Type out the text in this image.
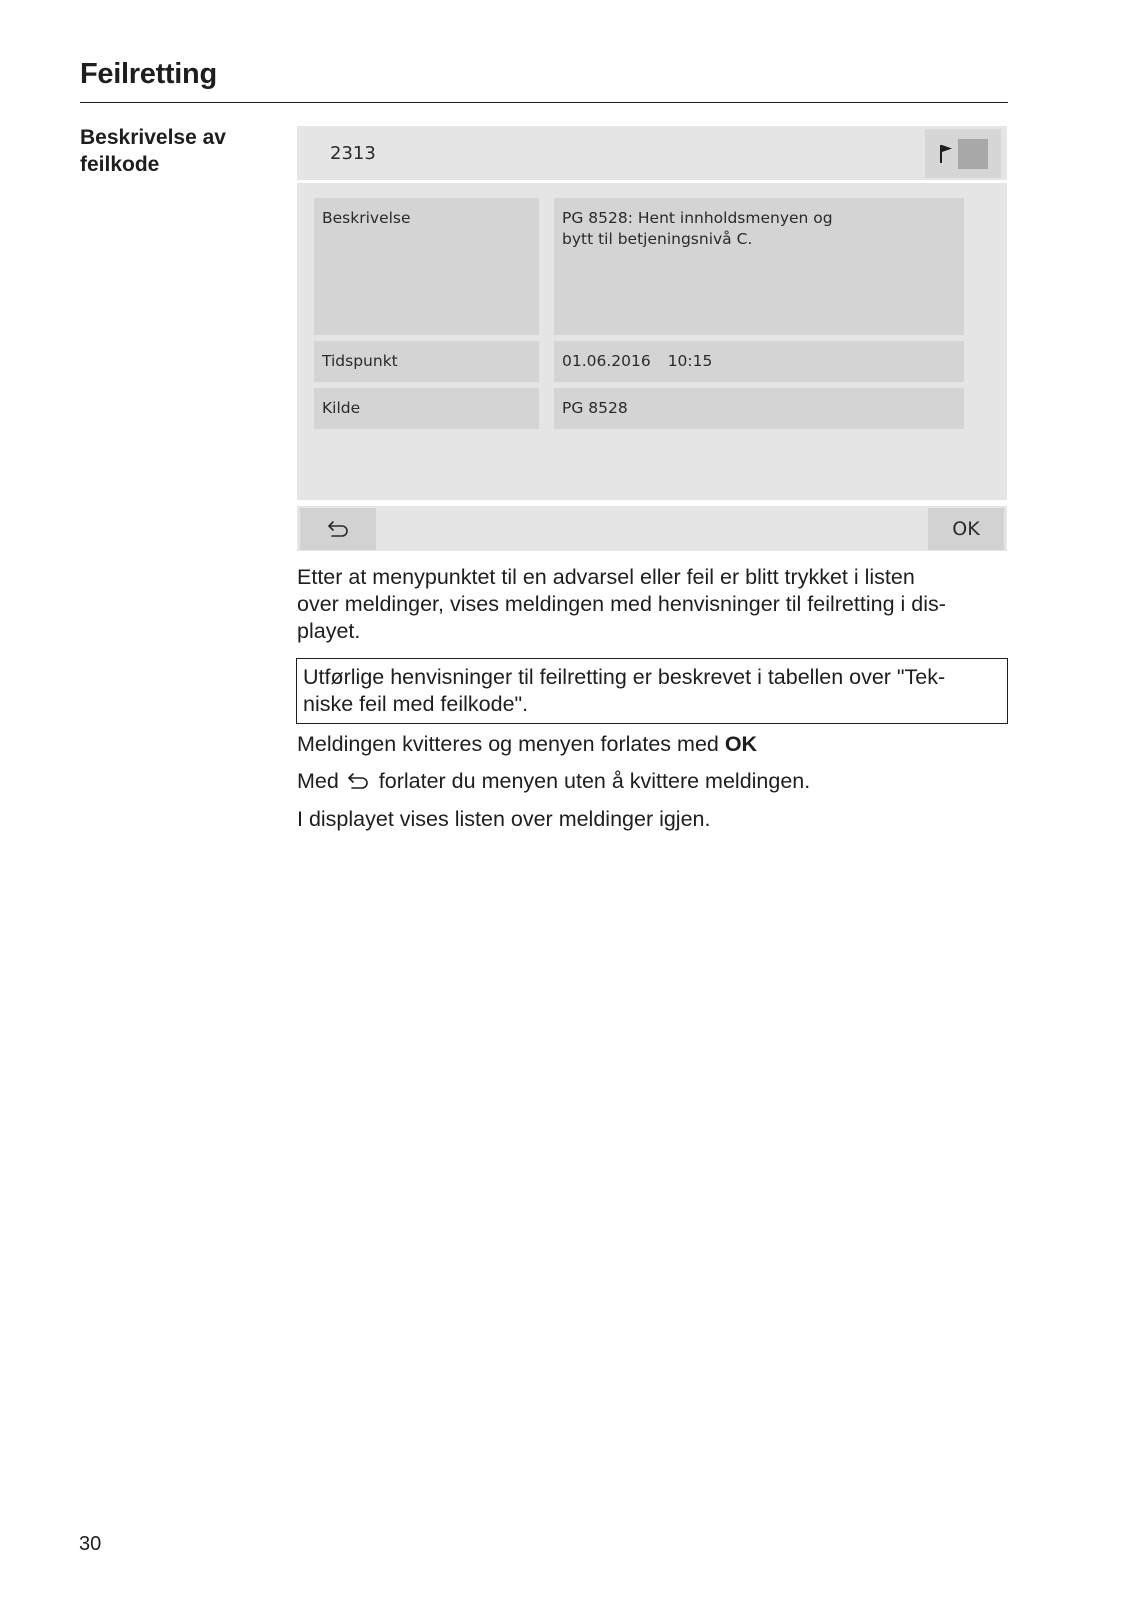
Feilretting
Beskrivelse av feilkode	2313
Beskrivelse	PG 8528: Hent innholdsmenyen og
bytt til betjeningsnivå C.
Tidspunkt	01.06.2016 10:15
Kilde	PG 8528
OK
Etter at menypunktet til en advarsel eller feil er blitt trykket i listen
over meldinger, vises meldingen med henvisninger til feilretting i dis-
playet.
Utførlige henvisninger til feilretting er beskrevet i tabellen over "Tek-
niske feil med feilkode".
Meldingen kvitteres og menyen forlates med OK
Med forlater du menyen uten å kvittere meldingen.
I displayet vises listen over meldinger igjen.
30
